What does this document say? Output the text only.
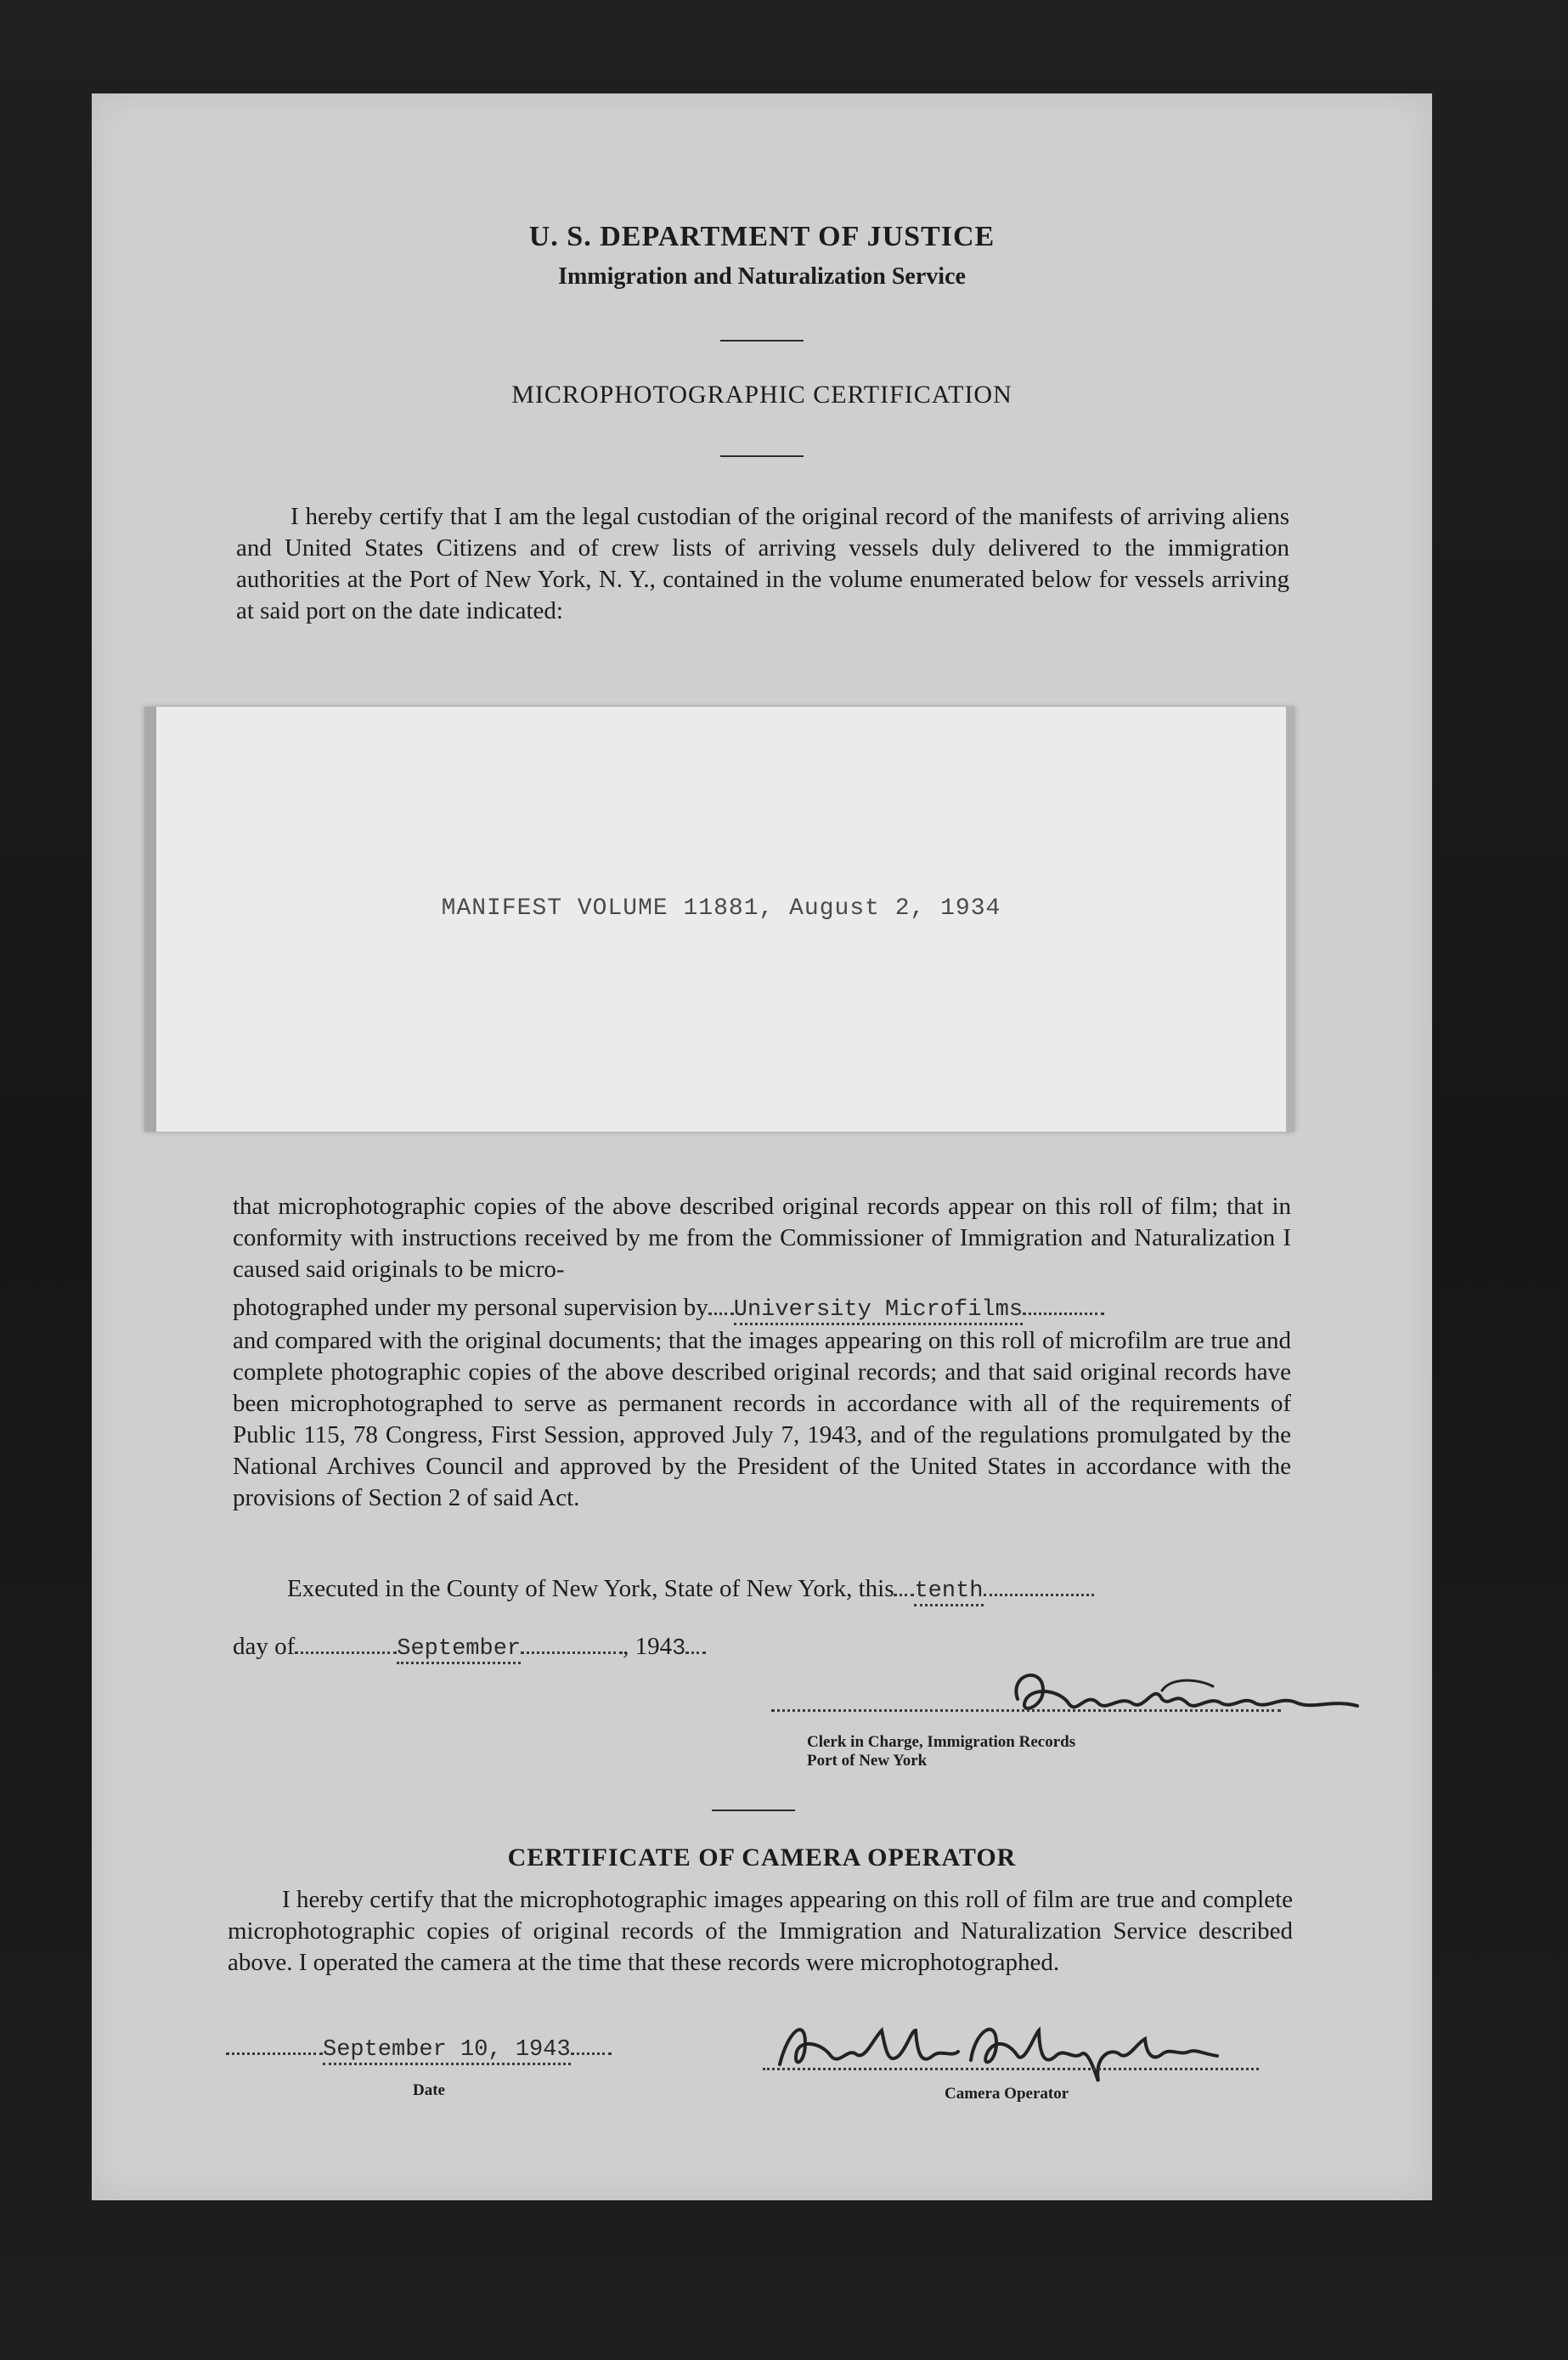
U. S. DEPARTMENT OF JUSTICE
Immigration and Naturalization Service
MICROPHOTOGRAPHIC CERTIFICATION

I hereby certify that I am the legal custodian of the original record of the manifests of arriving aliens and United States Citizens and of crew lists of arriving vessels duly delivered to the immigration authorities at the Port of New York, N. Y., contained in the volume enumerated below for vessels arriving at said port on the date indicated:

MANIFEST VOLUME 11881, August 2, 1934

that microphotographic copies of the above described original records appear on this roll of film; that in conformity with instructions received by me from the Commissioner of Immigration and Naturalization I caused said originals to be micro-

photographed under my personal supervision by University Microfilms

and compared with the original documents; that the images appearing on this roll of microfilm are true and complete photographic copies of the above described original records; and that said original records have been microphotographed to serve as permanent records in accordance with all of the requirements of Public 115, 78 Congress, First Session, approved July 7, 1943, and of the regulations promulgated by the National Archives Council and approved by the President of the United States in accordance with the provisions of Section 2 of said Act.

Executed in the County of New York, State of New York, this tenth
day of	September	, 1943
Clerk in Charge, Immigration Records
Port of New York
CERTIFICATE OF CAMERA OPERATOR

I hereby certify that the microphotographic images appearing on this roll of film are true and complete microphotographic copies of original records of the Immigration and Naturalization Service described above. I operated the camera at the time that these records were microphotographed.

September 10, 1943
Date	Camera Operator
